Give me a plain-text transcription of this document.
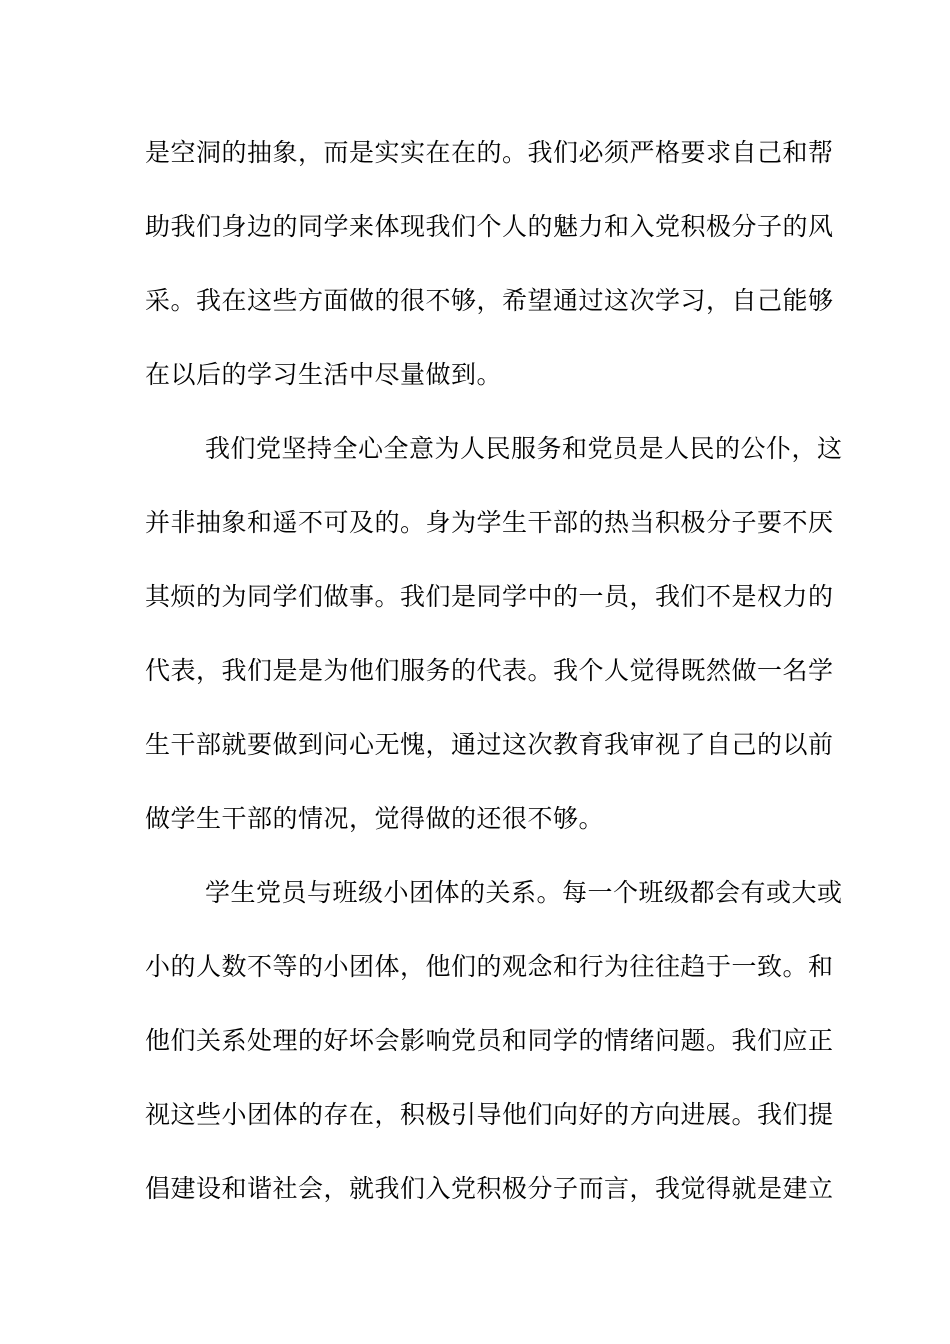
是空洞的抽象，而是实实在在的。我们必须严格要求自己和帮
助我们身边的同学来体现我们个人的魅力和入党积极分子的风
采。我在这些方面做的很不够，希望通过这次学习，自己能够
在以后的学习生活中尽量做到。
我们党坚持全心全意为人民服务和党员是人民的公仆，这
并非抽象和遥不可及的。身为学生干部的热当积极分子要不厌
其烦的为同学们做事。我们是同学中的一员，我们不是权力的
代表，我们是是为他们服务的代表。我个人觉得既然做一名学
生干部就要做到问心无愧，通过这次教育我审视了自己的以前
做学生干部的情况，觉得做的还很不够。
学生党员与班级小团体的关系。每一个班级都会有或大或
小的人数不等的小团体，他们的观念和行为往往趋于一致。和
他们关系处理的好坏会影响党员和同学的情绪问题。我们应正
视这些小团体的存在，积极引导他们向好的方向进展。我们提
倡建设和谐社会，就我们入党积极分子而言，我觉得就是建立
